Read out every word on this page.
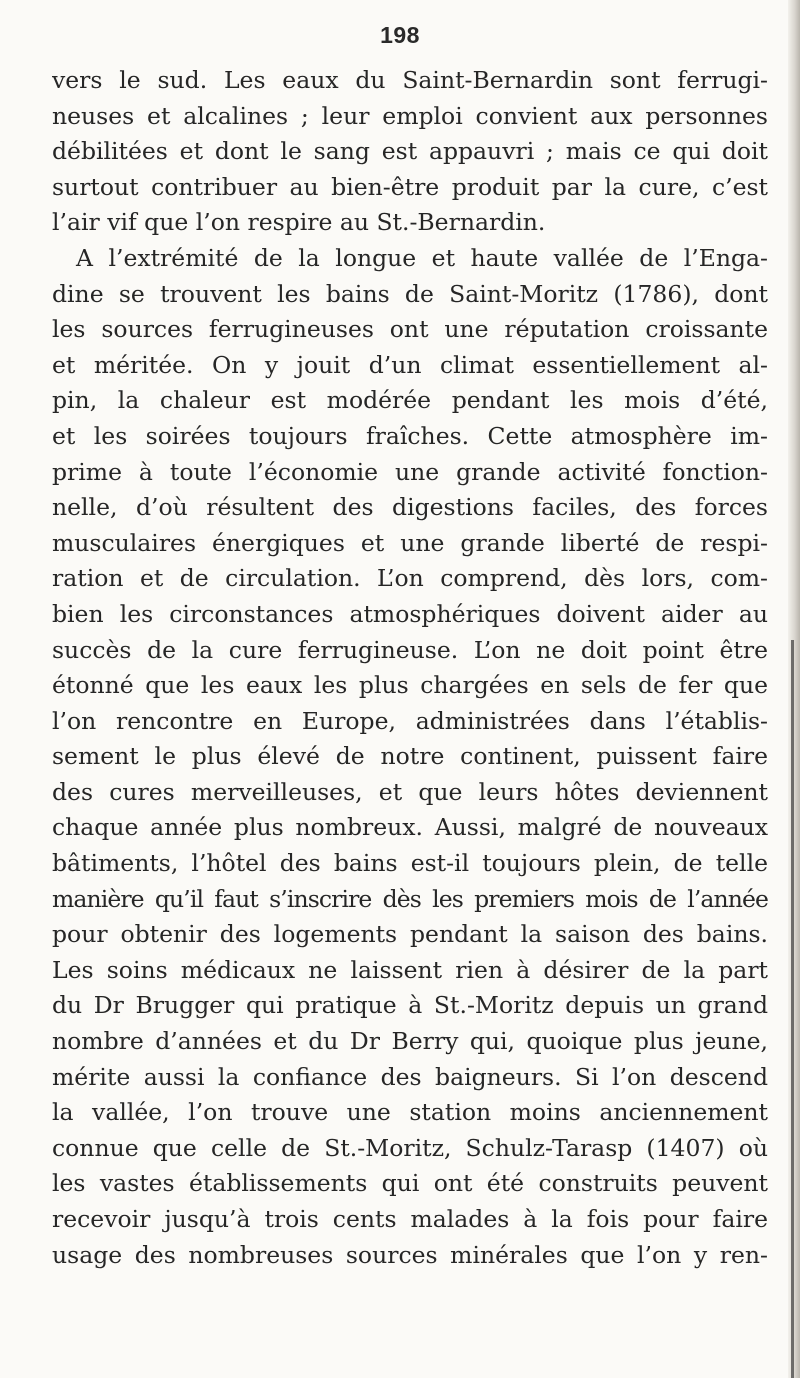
198
vers le sud. Les eaux du Saint-Bernardin sont ferrugi-
neuses et alcalines ; leur emploi convient aux personnes
débilitées et dont le sang est appauvri ; mais ce qui doit
surtout contribuer au bien-être produit par la cure, c’est
l’air vif que l’on respire au St.-Bernardin.
A l’extrémité de la longue et haute vallée de l’Enga-
dine se trouvent les bains de Saint-Moritz (1786), dont
les sources ferrugineuses ont une réputation croissante
et méritée. On y jouit d’un climat essentiellement al-
pin, la chaleur est modérée pendant les mois d’été,
et les soirées toujours fraîches. Cette atmosphère im-
prime à toute l’économie une grande activité fonction-
nelle, d’où résultent des digestions faciles, des forces
musculaires énergiques et une grande liberté de respi-
ration et de circulation. L’on comprend, dès lors, com-
bien les circonstances atmosphériques doivent aider au
succès de la cure ferrugineuse. L’on ne doit point être
étonné que les eaux les plus chargées en sels de fer que
l’on rencontre en Europe, administrées dans l’établis-
sement le plus élevé de notre continent, puissent faire
des cures merveilleuses, et que leurs hôtes deviennent
chaque année plus nombreux. Aussi, malgré de nouveaux
bâtiments, l’hôtel des bains est-il toujours plein, de telle
manière qu’il faut s’inscrire dès les premiers mois de l’année
pour obtenir des logements pendant la saison des bains.
Les soins médicaux ne laissent rien à désirer de la part
du Dr Brugger qui pratique à St.-Moritz depuis un grand
nombre d’années et du Dr Berry qui, quoique plus jeune,
mérite aussi la confiance des baigneurs. Si l’on descend
la vallée, l’on trouve une station moins anciennement
connue que celle de St.-Moritz, Schulz-Tarasp (1407) où
les vastes établissements qui ont été construits peuvent
recevoir jusqu’à trois cents malades à la fois pour faire
usage des nombreuses sources minérales que l’on y ren-
